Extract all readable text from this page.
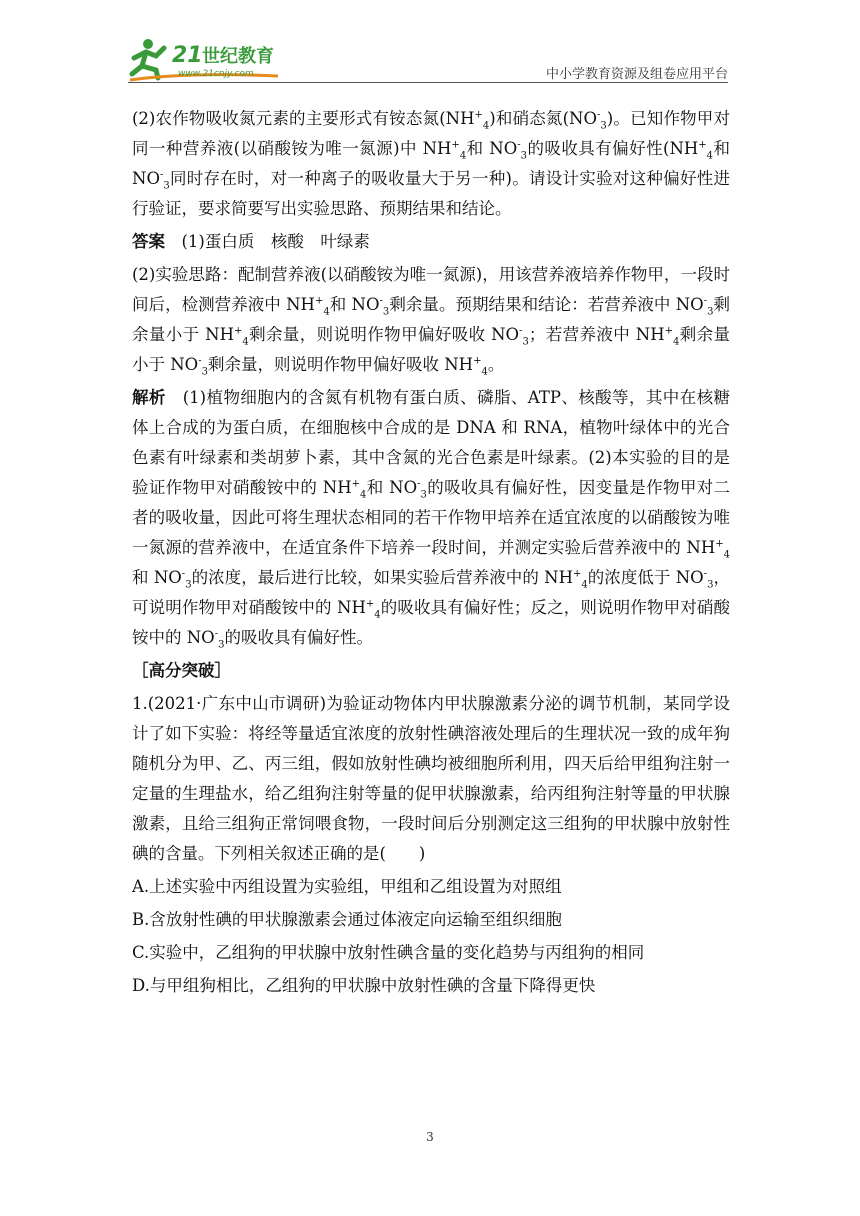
21 世纪教育
www.21cnjy.com	中小学教育资源及组卷应用平台

(2)农作物吸收氮元素的主要形式有铵态氮$(NH^+_4)$和硝态氮$(NO^-_3)$。已知作物甲对同一种营养液(以硝酸铵为唯一氮源)中 $NH^+_4$和 $NO^-_3$的吸收具有偏好性($NH^+_4$和 $NO^-_3$同时存在时，对一种离子的吸收量大于另一种)。请设计实验对这种偏好性进行验证，要求简要写出实验思路、预期结果和结论。

答案　 (1)蛋白质　核酸　叶绿素

(2)实验思路：配制营养液(以硝酸铵为唯一氮源)，用该营养液培养作物甲，一段时间后，检测营养液中 $NH^+_4$和 $NO^-_3$剩余量。预期结果和结论：若营养液中 $NO^-_3$剩余量小于 $NH^+_4$剩余量，则说明作物甲偏好吸收 $NO^-_3$；若营养液中 $NH^+_4$剩余量小于 $NO^-_3$剩余量，则说明作物甲偏好吸收 $NH^+_4$。

解析　 (1)植物细胞内的含氮有机物有蛋白质、磷脂、ATP、核酸等，其中在核糖体上合成的为蛋白质，在细胞核中合成的是 DNA 和 RNA，植物叶绿体中的光合色素有叶绿素和类胡萝卜素，其中含氮的光合色素是叶绿素。(2)本实验的目的是验证作物甲对硝酸铵中的 $NH^+_4$和 $NO^-_3$的吸收具有偏好性，因变量是作物甲对二者的吸收量，因此可将生理状态相同的若干作物甲培养在适宜浓度的以硝酸铵为唯一氮源的营养液中，在适宜条件下培养一段时间，并测定实验后营养液中的 $NH^+_4$和 $NO^-_3$的浓度，最后进行比较，如果实验后营养液中的 $NH^+_4$的浓度低于 $NO^-_3$，可说明作物甲对硝酸铵中的 $NH^+_4$的吸收具有偏好性；反之，则说明作物甲对硝酸铵中的 $NO^-_3$的吸收具有偏好性。

［高分突破］

1.(2021·广东中山市调研)为验证动物体内甲状腺激素分泌的调节机制，某同学设计了如下实验：将经等量适宜浓度的放射性碘溶液处理后的生理状况一致的成年狗随机分为甲、乙、丙三组，假如放射性碘均被细胞所利用，四天后给甲组狗注射一定量的生理盐水，给乙组狗注射等量的促甲状腺激素，给丙组狗注射等量的甲状腺激素，且给三组狗正常饲喂食物，一段时间后分别测定这三组狗的甲状腺中放射性碘的含量。下列相关叙述正确的是(　　)

A.上述实验中丙组设置为实验组，甲组和乙组设置为对照组

B.含放射性碘的甲状腺激素会通过体液定向运输至组织细胞

C.实验中，乙组狗的甲状腺中放射性碘含量的变化趋势与丙组狗的相同

D.与甲组狗相比，乙组狗的甲状腺中放射性碘的含量下降得更快

3
